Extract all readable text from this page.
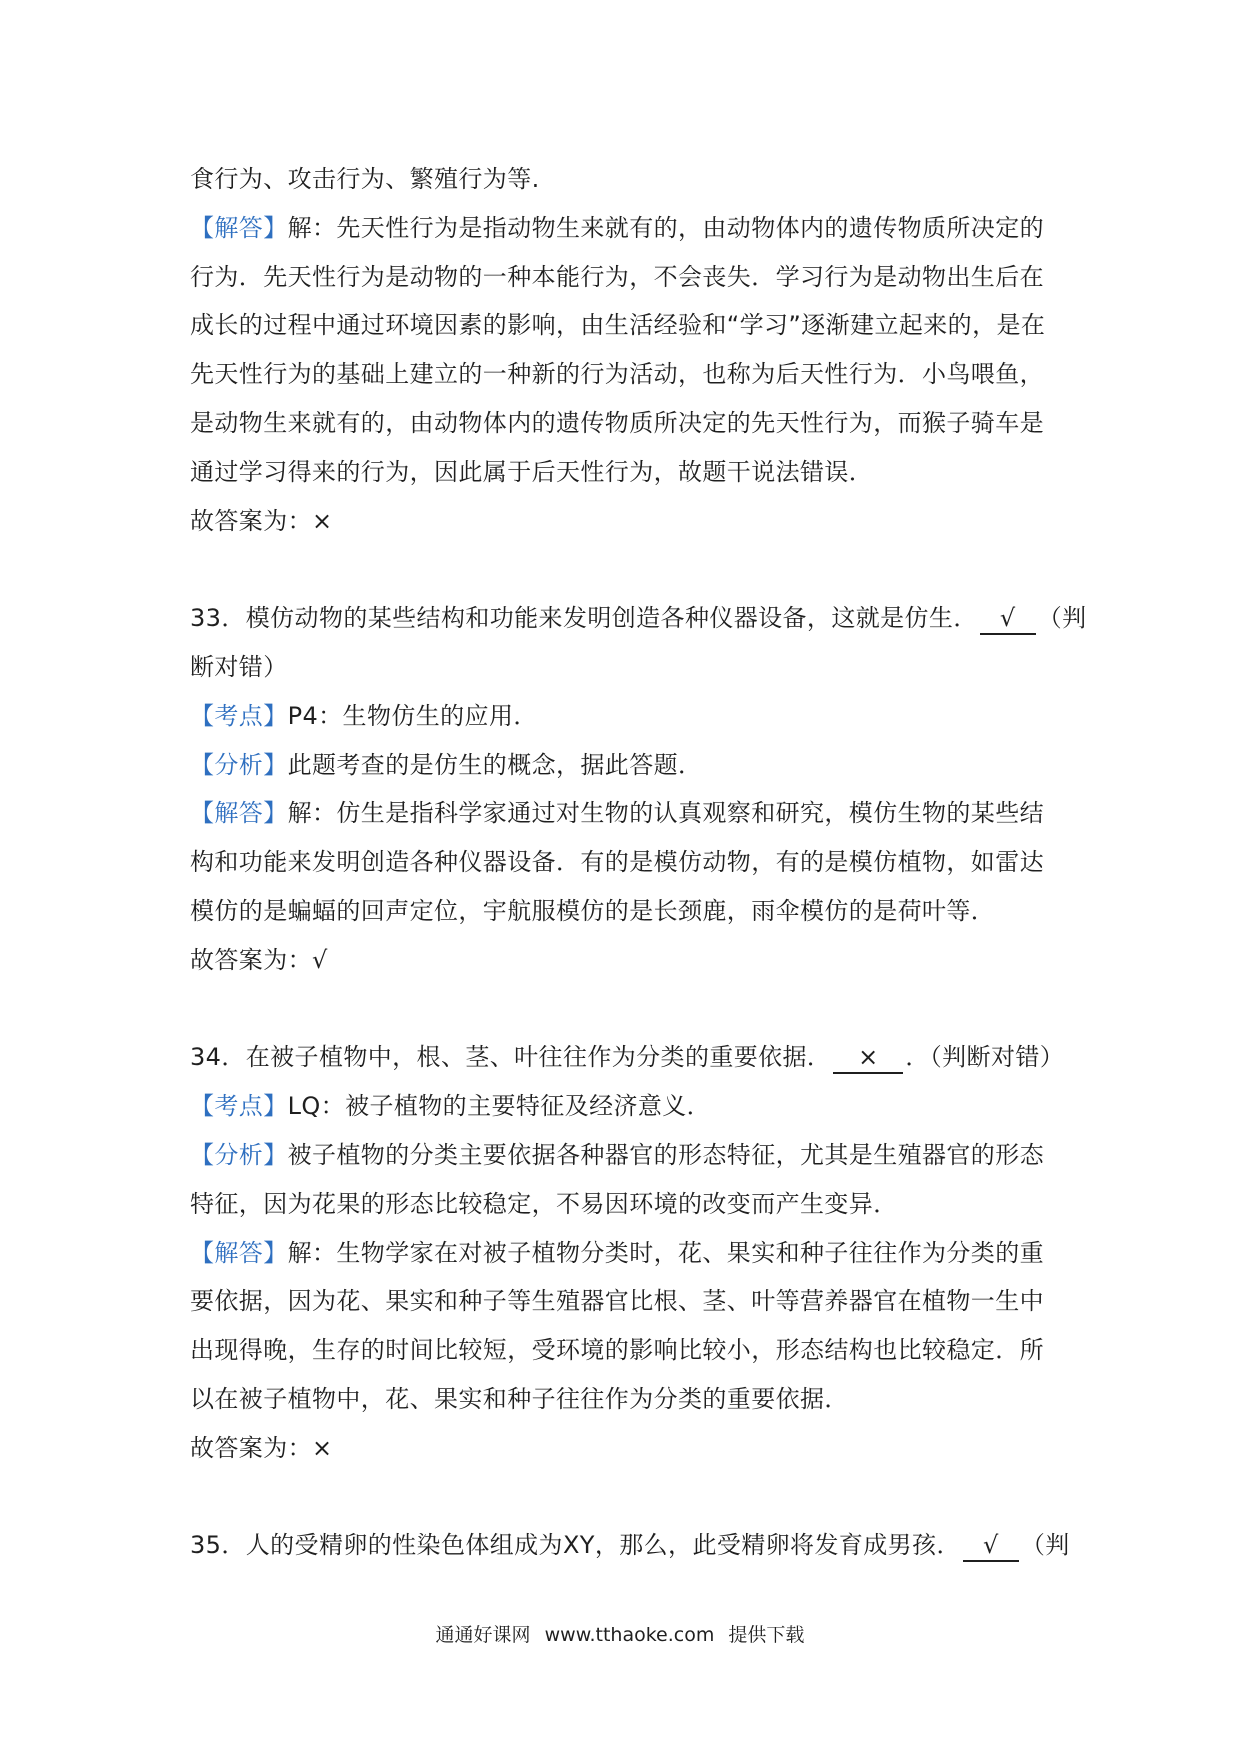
食行为、攻击行为、繁殖行为等.
【解答】解：先天性行为是指动物生来就有的，由动物体内的遗传物质所决定的
行为．先天性行为是动物的一种本能行为，不会丧失．学习行为是动物出生后在
成长的过程中通过环境因素的影响，由生活经验和“学习”逐渐建立起来的，是在
先天性行为的基础上建立的一种新的行为活动，也称为后天性行为．小鸟喂鱼，
是动物生来就有的，由动物体内的遗传物质所决定的先天性行为，而猴子骑车是
通过学习得来的行为，因此属于后天性行为，故题干说法错误．
故答案为：×
33．模仿动物的某些结构和功能来发明创造各种仪器设备，这就是仿生． √ （判
断对错）
【考点】P4：生物仿生的应用．
【分析】此题考查的是仿生的概念，据此答题．
【解答】解：仿生是指科学家通过对生物的认真观察和研究，模仿生物的某些结
构和功能来发明创造各种仪器设备．有的是模仿动物，有的是模仿植物，如雷达
模仿的是蝙蝠的回声定位，宇航服模仿的是长颈鹿，雨伞模仿的是荷叶等．
故答案为：√
34．在被子植物中，根、茎、叶往往作为分类的重要依据． × ．（判断对错）
【考点】LQ：被子植物的主要特征及经济意义．
【分析】被子植物的分类主要依据各种器官的形态特征，尤其是生殖器官的形态
特征，因为花果的形态比较稳定，不易因环境的改变而产生变异．
【解答】解：生物学家在对被子植物分类时，花、果实和种子往往作为分类的重
要依据，因为花、果实和种子等生殖器官比根、茎、叶等营养器官在植物一生中
出现得晚，生存的时间比较短，受环境的影响比较小，形态结构也比较稳定．所
以在被子植物中，花、果实和种子往往作为分类的重要依据．
故答案为：×
35．人的受精卵的性染色体组成为XY，那么，此受精卵将发育成男孩． √ （判
通通好课网 www.tthaoke.com 提供下载
